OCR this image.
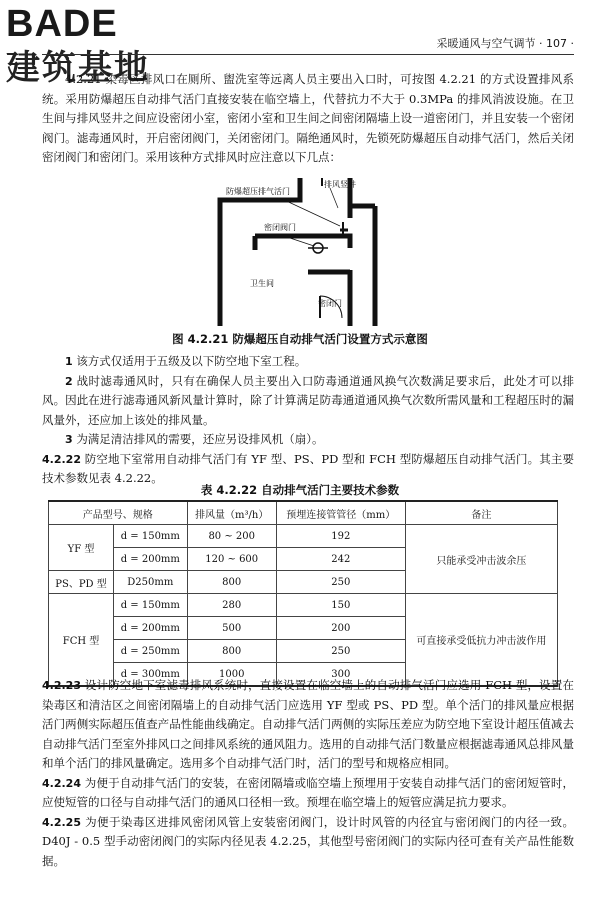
BADE
建筑基地
采暖通风与空气调节 · 107 ·

4.2.21 染毒区排风口在厕所、盥洗室等远离人员主要出入口时，可按图 4.2.21 的方式设置排风系统。采用防爆超压自动排气活门直接安装在临空墙上，代替抗力不大于 0.3MPa 的排风消波设施。在卫生间与排风竖井之间应设密闭小室，密闭小室和卫生间之间密闭隔墙上设一道密闭门，并且安装一个密闭阀门。滤毒通风时，开启密闭阀门，关闭密闭门。隔绝通风时，先锁死防爆超压自动排气活门，然后关闭密闭阀门和密闭门。采用该种方式排风时应注意以下几点：

防爆超压排气活门
排风竖井
密闭阀门
卫生间
密闭门
图 4.2.21 防爆超压自动排气活门设置方式示意图

1 该方式仅适用于五级及以下防空地下室工程。

2 战时滤毒通风时，只有在确保人员主要出入口防毒通道通风换气次数满足要求后，此处才可以排风。因此在进行滤毒通风新风量计算时，除了计算满足防毒通道通风换气次数所需风量和工程超压时的漏风量外，还应加上该处的排风量。

3 为满足清洁排风的需要，还应另设排风机（扇）。

4.2.22 防空地下室常用自动排气活门有 YF 型、PS、PD 型和 FCH 型防爆超压自动排气活门。其主要技术参数见表 4.2.22。

表 4.2.22 自动排气活门主要技术参数
产品型号、规格		排风量（m³/h）	预埋连接管管径（mm）	备注
YF 型	d = 150mm	80 ~ 200	192	只能承受冲击波余压
	d = 200mm	120 ~ 600	242	
PS、PD 型	D250mm	800	250	
FCH 型	d = 150mm	280	150	可直接承受低抗力冲击波作用
	d = 200mm	500	200	
	d = 250mm	800	250	
	d = 300mm	1000	300	

4.2.23 设计防空地下室滤毒排风系统时，直接设置在临空墙上的自动排气活门应选用 FCH 型，设置在染毒区和清洁区之间密闭隔墙上的自动排气活门应选用 YF 型或 PS、PD 型。单个活门的排风量应根据活门两侧实际超压值查产品性能曲线确定。自动排气活门两侧的实际压差应为防空地下室设计超压值减去自动排气活门至室外排风口之间排风系统的通风阻力。选用的自动排气活门数量应根据滤毒通风总排风量和单个活门的排风量确定。选用多个自动排气活门时，活门的型号和规格应相同。

4.2.24 为便于自动排气活门的安装，在密闭隔墙或临空墙上预埋用于安装自动排气活门的密闭短管时，应使短管的口径与自动排气活门的通风口径相一致。预埋在临空墙上的短管应满足抗力要求。

4.2.25 为便于染毒区进排风密闭风管上安装密闭阀门，设计时风管的内径宜与密闭阀门的内径一致。D40J - 0.5 型手动密闭阀门的实际内径见表 4.2.25，其他型号密闭阀门的实际内径可查有关产品性能数据。
